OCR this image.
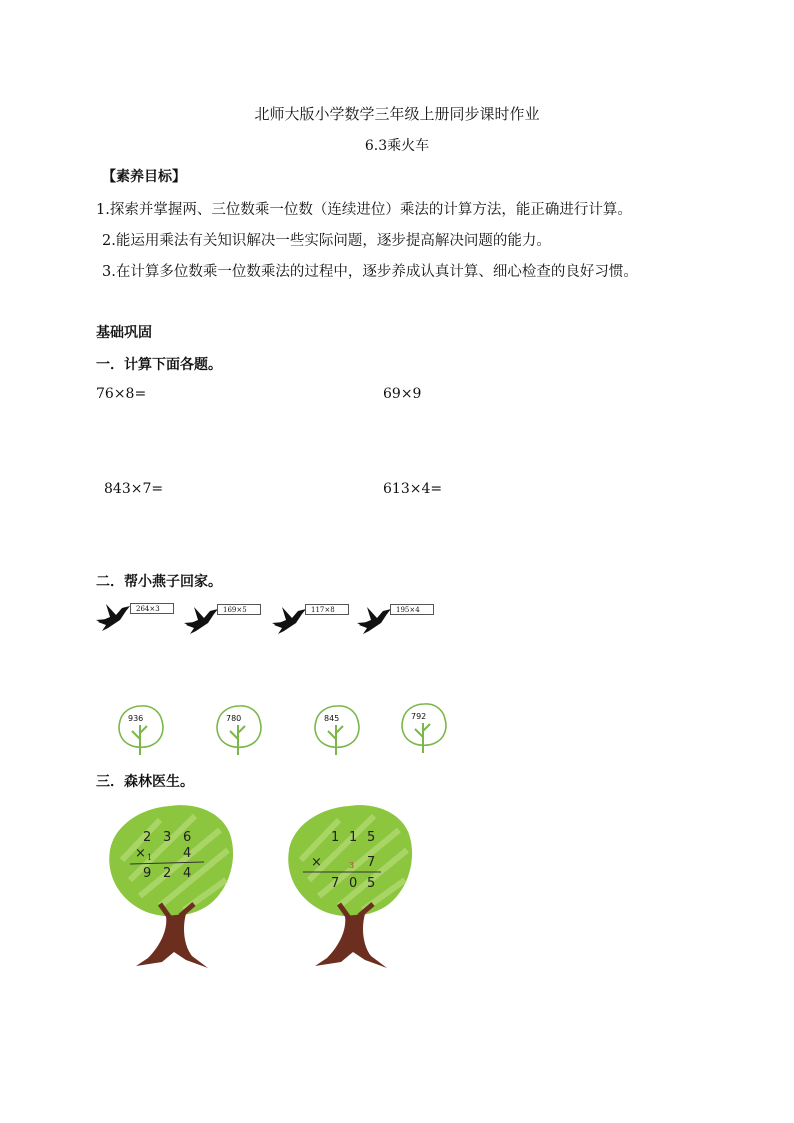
北师大版小学数学三年级上册同步课时作业
6.3乘火车
【素养目标】
1.探索并掌握两、三位数乘一位数（连续进位）乘法的计算方法，能正确进行计算。
2.能运用乘法有关知识解决一些实际问题，逐步提高解决问题的能力。
3.在计算多位数乘一位数乘法的过程中，逐步养成认真计算、细心检查的良好习惯。
基础巩固
一．计算下面各题。
76×8=	69×9
843×7=	613×4=
二．帮小燕子回家。
264×3	169×5	117×8	195×4
936	780	845	792
三．森林医生。
2 3 6
× 1 4
9 2 4
1 1 5
×	3 7
7 0 5
